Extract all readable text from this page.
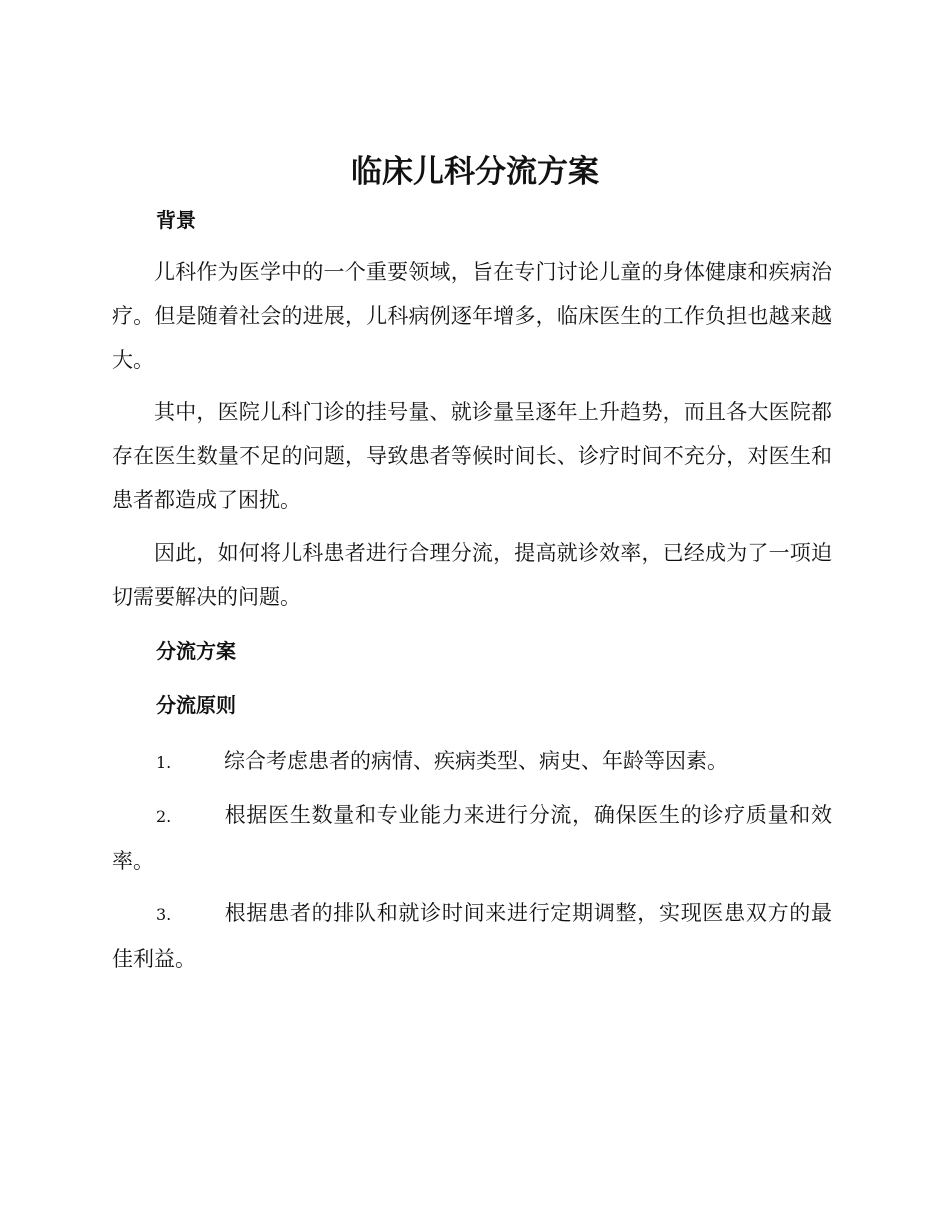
临床儿科分流方案
背景

儿科作为医学中的一个重要领域，旨在专门讨论儿童的身体健康和疾病治疗。但是随着社会的进展，儿科病例逐年增多，临床医生的工作负担也越来越大。

其中，医院儿科门诊的挂号量、就诊量呈逐年上升趋势，而且各大医院都存在医生数量不足的问题，导致患者等候时间长、诊疗时间不充分，对医生和患者都造成了困扰。

因此，如何将儿科患者进行合理分流，提高就诊效率，已经成为了一项迫切需要解决的问题。

分流方案
分流原则

1.	综合考虑患者的病情、疾病类型、病史、年龄等因素。

2.	根据医生数量和专业能力来进行分流，确保医生的诊疗质量和效率。

3.	根据患者的排队和就诊时间来进行定期调整，实现医患双方的最佳利益。
